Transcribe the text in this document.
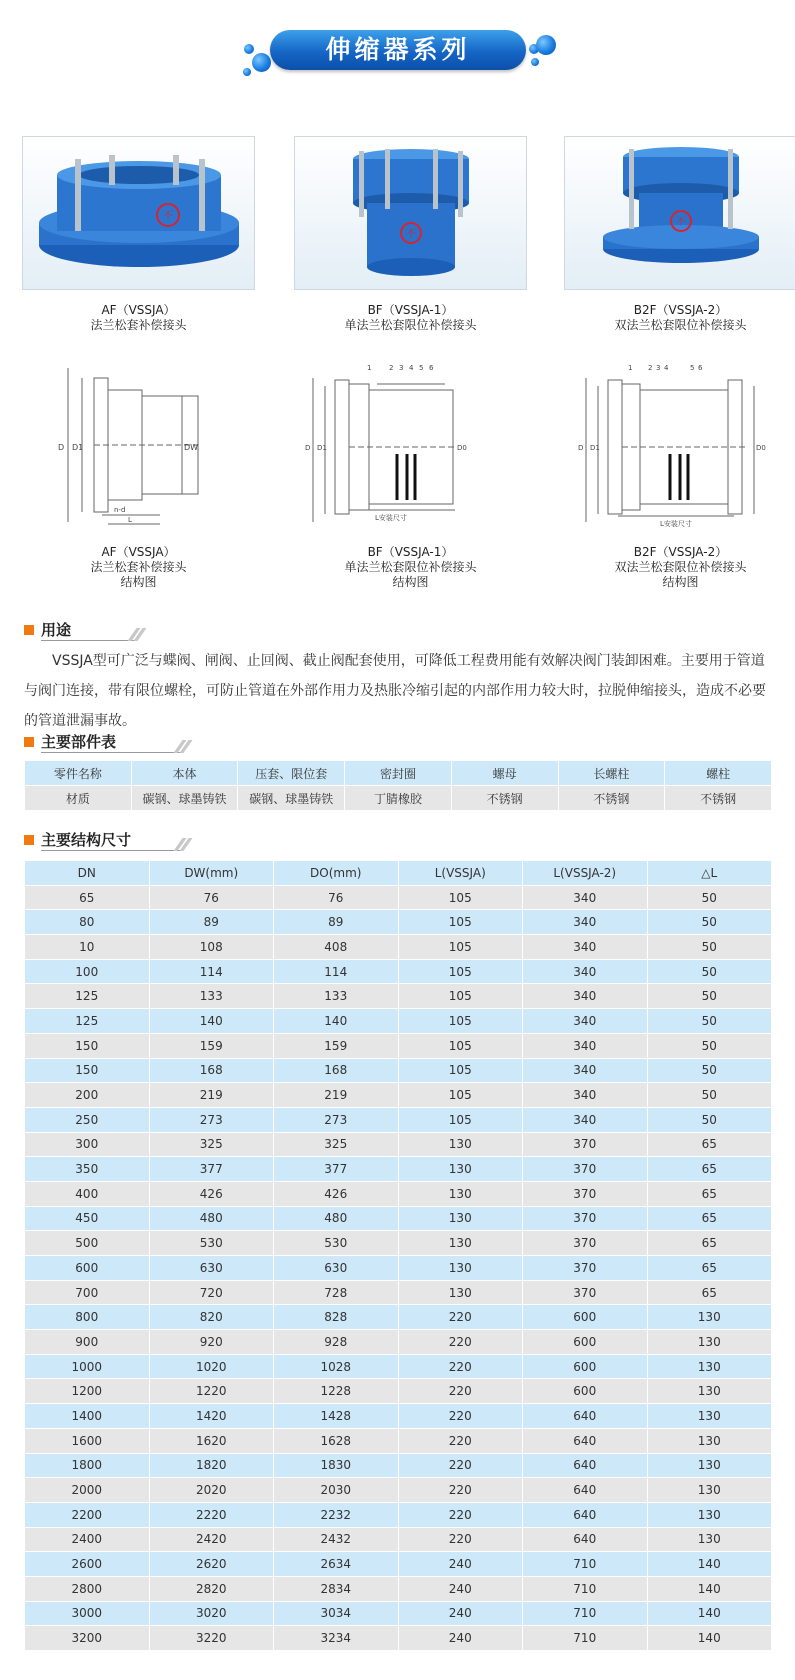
伸缩器系列
不
不
不
AF（VSSJA）
法兰松套补偿接头
BF（VSSJA-1）
单法兰松套限位补偿接头
B2F（VSSJA-2）
双法兰松套限位补偿接头
D D1	DW
n-d
L
1	2 3 4 5 6
D D1	D0
L安装尺寸
1 2 3 4	5 6
D D1	D0
L安装尺寸
AF（VSSJA）
法兰松套补偿接头
结构图
BF（VSSJA-1）
单法兰松套限位补偿接头
结构图
B2F（VSSJA-2）
双法兰松套限位补偿接头
结构图
用途

VSSJA型可广泛与蝶阀、闸阀、止回阀、截止阀配套使用，可降低工程费用能有效解决阀门装卸困难。主要用于管道与阀门连接，带有限位螺栓，可防止管道在外部作用力及热胀冷缩引起的内部作用力较大时，拉脱伸缩接头，造成不必要的管道泄漏事故。

主要部件表
零件名称	本体	压套、限位套	密封圈	螺母	长螺柱	螺柱
材质	碳钢、球墨铸铁	碳钢、球墨铸铁	丁腈橡胶	不锈钢	不锈钢	不锈钢
主要结构尺寸
DN	DW(mm)	DO(mm)	L(VSSJA)	L(VSSJA-2)	△L
65	76	76	105	340	50
80	89	89	105	340	50
10	108	408	105	340	50
100	114	114	105	340	50
125	133	133	105	340	50
125	140	140	105	340	50
150	159	159	105	340	50
150	168	168	105	340	50
200	219	219	105	340	50
250	273	273	105	340	50
300	325	325	130	370	65
350	377	377	130	370	65
400	426	426	130	370	65
450	480	480	130	370	65
500	530	530	130	370	65
600	630	630	130	370	65
700	720	728	130	370	65
800	820	828	220	600	130
900	920	928	220	600	130
1000	1020	1028	220	600	130
1200	1220	1228	220	600	130
1400	1420	1428	220	640	130
1600	1620	1628	220	640	130
1800	1820	1830	220	640	130
2000	2020	2030	220	640	130
2200	2220	2232	220	640	130
2400	2420	2432	220	640	130
2600	2620	2634	240	710	140
2800	2820	2834	240	710	140
3000	3020	3034	240	710	140
3200	3220	3234	240	710	140
